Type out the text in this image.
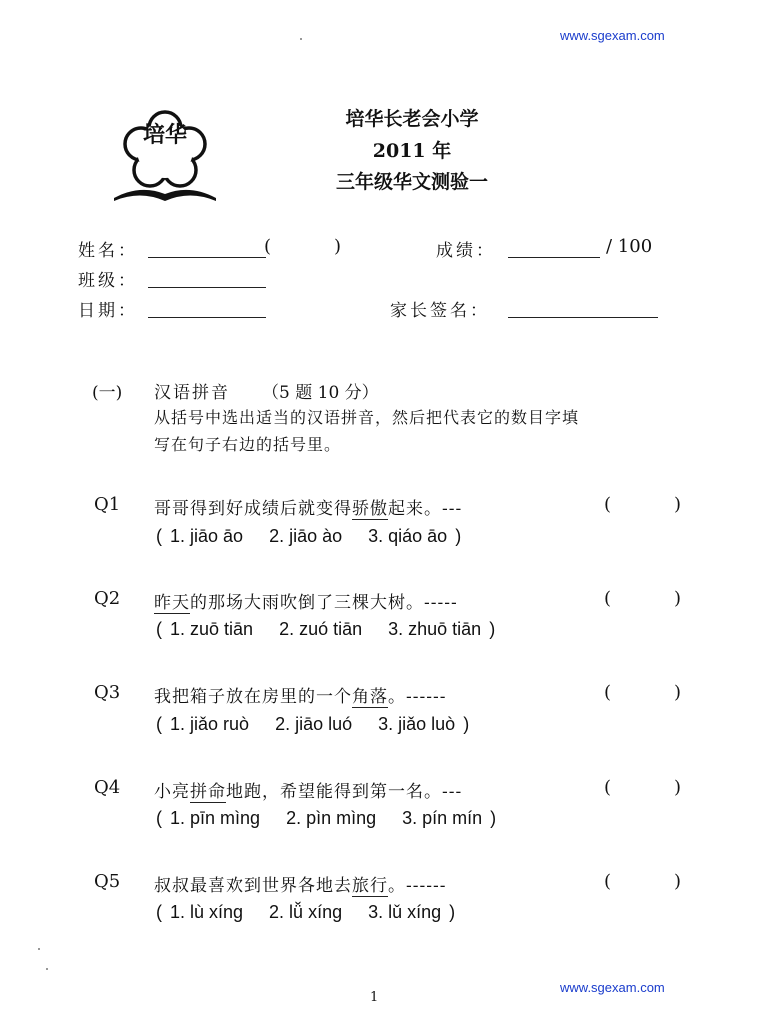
www.sgexam.com
培华
培华长老会小学
2011 年
三年级华文测验一
姓名：	(	)	成绩：	/ 100
班级：
日期：	家长签名：
(一) 汉语拼音 （5 题 10 分）
从括号中选出适当的汉语拼音，然后把代表它的数目字填
写在句子右边的括号里。
Q1 哥哥得到好成绩后就变得骄傲起来。---	(	)
( 1. jiāo āo 2. jiāo ào 3. qiáo āo )
Q2 昨天的那场大雨吹倒了三棵大树。-----	(	)
( 1. zuō tiān 2. zuó tiān 3. zhuō tiān )
Q3 我把箱子放在房里的一个角落。------	(	)
( 1. jiǎo ruò 2. jiāo luó 3. jiǎo luò )
Q4 小亮拼命地跑，希望能得到第一名。---	(	)
( 1. pīn mìng 2. pìn mìng 3. pín mín )
Q5 叔叔最喜欢到世界各地去旅行。------	(	)
( 1. lù xíng 2. lǚ xíng 3. lǔ xíng )
1
www.sgexam.com
